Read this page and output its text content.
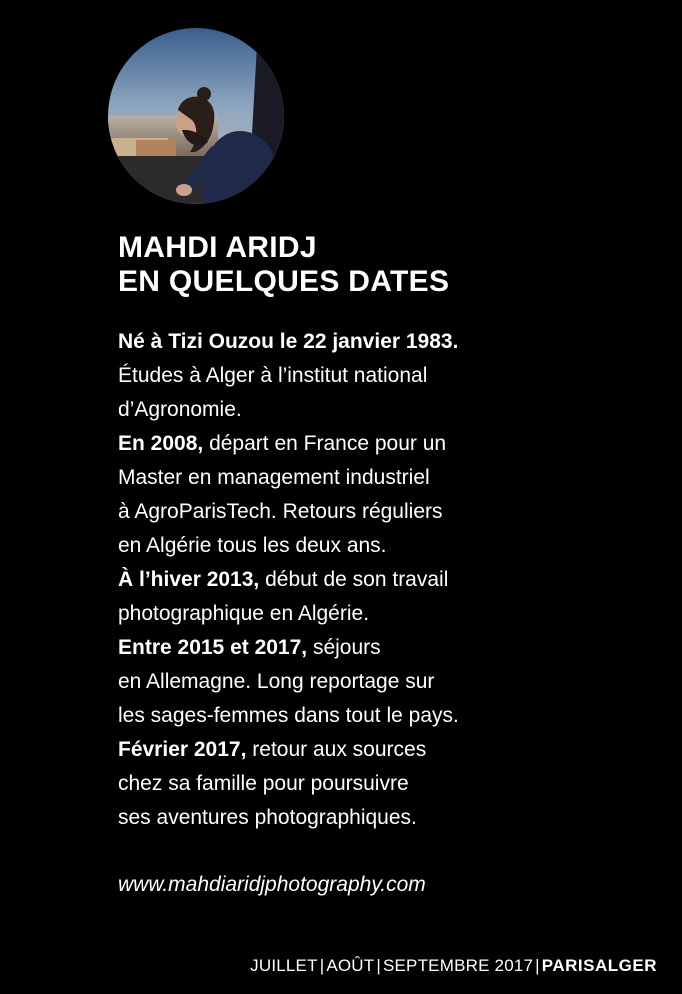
MAHDI ARIDJ
EN QUELQUES DATES
Né à Tizi Ouzou le 22 janvier 1983.
Études à Alger à l’institut national
d’Agronomie.
En 2008, départ en France pour un
Master en management industriel
à AgroParisTech. Retours réguliers
en Algérie tous les deux ans.
À l’hiver 2013, début de son travail
photographique en Algérie.
Entre 2015 et 2017, séjours
en Allemagne. Long reportage sur
les sages-femmes dans tout le pays.
Février 2017, retour aux sources
chez sa famille pour poursuivre
ses aventures photographiques.

www.mahdiaridjphotography.com

JUILLET | AOÛT | SEPTEMBRE 2017 | PARISALGER
